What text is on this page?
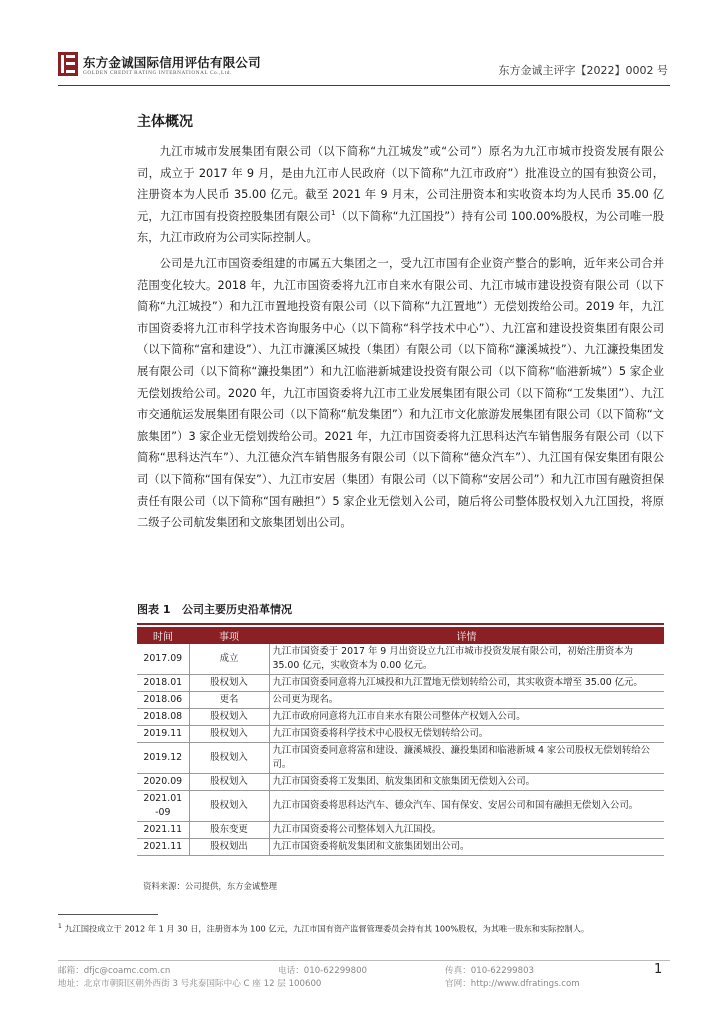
东方金诚国际信用评估有限公司
GOLDEN CREDIT RATING INTERNATIONAL Co.,Ltd.	东方金诚主评字【2022】0002 号
主体概况
九江市城市发展集团有限公司（以下简称“九江城发”或“公司”）原名为九江市城市投资发展有限公司，成立于 2017 年 9 月，是由九江市人民政府（以下简称“九江市政府”）批准设立的国有独资公司， 注册资本为人民币 35.00 亿元。截至 2021 年 9 月末，公司注册资本和实收资本均为人民币 35.00 亿元，九江市国有投资控股集团有限公司$^1$（以下简称“九江国投”）持有公司 100.00%股权，为公司唯一股东，九江市政府为公司实际控制人。
公司是九江市国资委组建的市属五大集团之一，受九江市国有企业资产整合的影响，近年来公司合并范围变化较大。2018 年，九江市国资委将九江市自来水有限公司、九江市城市建设投资有限公司（以下简称“九江城投”）和九江市置地投资有限公司（以下简称“九江置地”）无偿划拨给公司。2019 年，九江市国资委将九江市科学技术咨询服务中心（以下简称“科学技术中心”）、九江富和建设投资集团有限公司（以下简称“富和建设”）、九江市濂溪区城投（集团）有限公司（以下简称“濂溪城投”）、九江濂投集团发展有限公司（以下简称“濂投集团”）和九江临港新城建设投资有限公司（以下简称“临港新城”）5 家企业无偿划拨给公司。2020 年，九江市国资委将九江市工业发展集团有限公司（以下简称“工发集团”）、九江市交通航运发展集团有限公司（以下简称“航发集团”）和九江市文化旅游发展集团有限公司（以下简称“文旅集团”）3 家企业无偿划拨给公司。2021 年，九江市国资委将九江思科达汽车销售服务有限公司（以下简称“思科达汽车”）、九江德众汽车销售服务有限公司（以下简称“德众汽车”）、九江国有保安集团有限公司（以下简称“国有保安”）、九江市安居（集团）有限公司（以下简称“安居公司”）和九江市国有融资担保责任有限公司（以下简称“国有融担”）5 家企业无偿划入公司，随后将公司整体股权划入九江国投，将原二级子公司航发集团和文旅集团划出公司。
图表 1 公司主要历史沿革情况
时间	事项	详情
2017.09	成立	九江市国资委于 2017 年 9 月出资设立九江市城市投资发展有限公司，初始注册资本为 35.00 亿元，实收资本为 0.00 亿元。
2018.01	股权划入	九江市国资委同意将九江城投和九江置地无偿划转给公司，其实收资本增至 35.00 亿元。
2018.06	更名	公司更为现名。
2018.08	股权划入	九江市政府同意将九江市自来水有限公司整体产权划入公司。
2019.11	股权划入	九江市国资委将科学技术中心股权无偿划转给公司。
2019.12	股权划入	九江市国资委同意将富和建设、濂溪城投、濂投集团和临港新城 4 家公司股权无偿划转给公司。
2020.09	股权划入	九江市国资委将工发集团、航发集团和文旅集团无偿划入公司。
2021.01
-09	股权划入	九江市国资委将思科达汽车、德众汽车、国有保安、安居公司和国有融担无偿划入公司。
2021.11	股东变更	九江市国资委将公司整体划入九江国投。
2021.11	股权划出	九江市国资委将航发集团和文旅集团划出公司。
资料来源：公司提供，东方金诚整理
$^1$ 九江国投成立于 2012 年 1 月 30 日，注册资本为 100 亿元，九江市国有资产监督管理委员会持有其 100%股权，为其唯一股东和实际控制人。
邮箱：dfjc@coamc.com.cn	电话：010-62299800	传真：010-62299803
地址：北京市朝阳区朝外西街 3 号兆泰国际中心 C 座 12 层 100600	官网：http://www.dfratings.com
1
